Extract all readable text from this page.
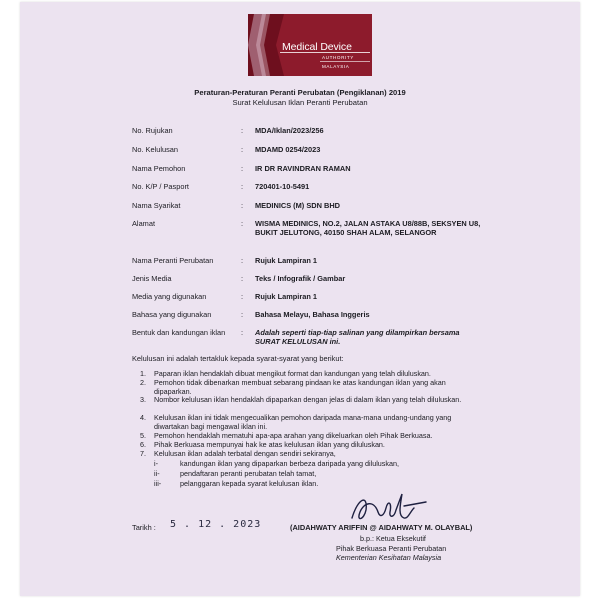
Medical Device
AUTHORITY
MALAYSIA
Peraturan-Peraturan Peranti Perubatan (Pengiklanan) 2019
Surat Kelulusan Iklan Peranti Perubatan
No. Rujukan	: MDA/Iklan/2023/256
No. Kelulusan	: MDAMD 0254/2023
Nama Pemohon	: IR DR RAVINDRAN RAMAN
No. K/P / Pasport	: 720401-10-5491
Nama Syarikat	: MEDINICS (M) SDN BHD
Alamat	: WISMA MEDINICS, NO.2, JALAN ASTAKA U8/88B, SEKSYEN U8, BUKIT JELUTONG, 40150 SHAH ALAM, SELANGOR
Nama Peranti Perubatan	: Rujuk Lampiran 1
Jenis Media	: Teks / Infografik / Gambar
Media yang digunakan	: Rujuk Lampiran 1
Bahasa yang digunakan	: Bahasa Melayu, Bahasa Inggeris
Bentuk dan kandungan iklan : Adalah seperti tiap-tiap salinan yang dilampirkan bersama SURAT KELULUSAN ini.
Kelulusan ini adalah tertakluk kepada syarat-syarat yang berikut:
1. Paparan iklan hendaklah dibuat mengikut format dan kandungan yang telah diluluskan.
2. Pemohon tidak dibenarkan membuat sebarang pindaan ke atas kandungan iklan yang akan dipaparkan.
3. Nombor kelulusan iklan hendaklah dipaparkan dengan jelas di dalam iklan yang telah diluluskan.
4. Kelulusan iklan ini tidak mengecualikan pemohon daripada mana-mana undang-undang yang diwartakan bagi mengawal iklan ini.
5. Pemohon hendaklah mematuhi apa-apa arahan yang dikeluarkan oleh Pihak Berkuasa.
6. Pihak Berkuasa mempunyai hak ke atas kelulusan iklan yang diluluskan.
7. Kelulusan iklan adalah terbatal dengan sendiri sekiranya,
i-	kandungan iklan yang dipaparkan berbeza daripada yang diluluskan,
ii-	pendaftaran peranti perubatan telah tamat,
iii-	pelanggaran kepada syarat kelulusan iklan.
Tarikh : 5 . 12 . 2023	(AIDAHWATY ARIFFIN @ AIDAHWATY M. OLAYBAL)
b.p.: Ketua Eksekutif
Pihak Berkuasa Peranti Perubatan
Kementerian Kesihatan Malaysia
